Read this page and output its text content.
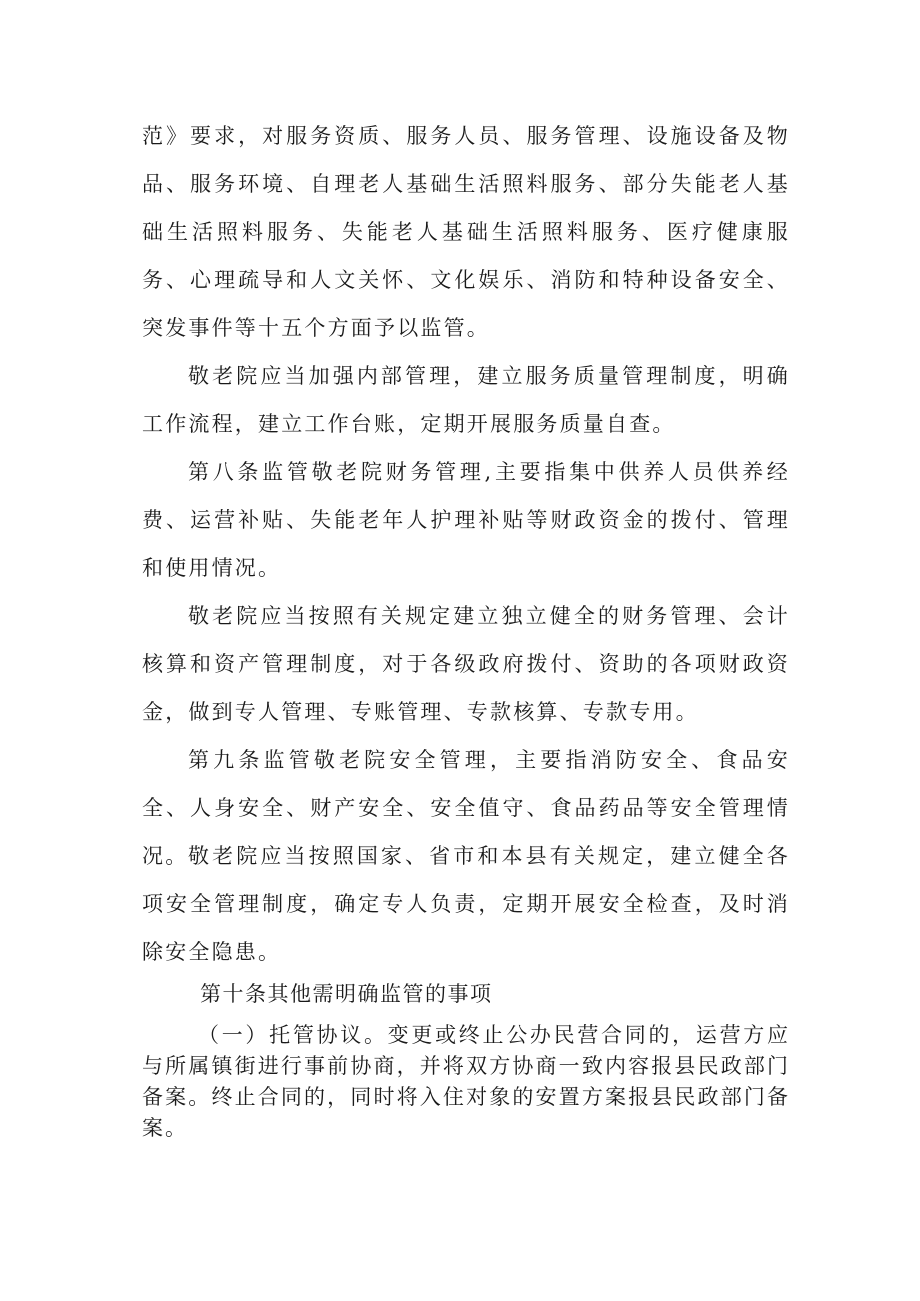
范》要求，对服务资质、服务人员、服务管理、设施设备及物品、服务环境、自理老人基础生活照料服务、部分失能老人基础生活照料服务、失能老人基础生活照料服务、医疗健康服务、心理疏导和人文关怀、文化娱乐、消防和特种设备安全、突发事件等十五个方面予以监管。

敬老院应当加强内部管理，建立服务质量管理制度，明确工作流程，建立工作台账，定期开展服务质量自查。

第八条监管敬老院财务管理,主要指集中供养人员供养经费、运营补贴、失能老年人护理补贴等财政资金的拨付、管理和使用情况。

敬老院应当按照有关规定建立独立健全的财务管理、会计核算和资产管理制度，对于各级政府拨付、资助的各项财政资金，做到专人管理、专账管理、专款核算、专款专用。

第九条监管敬老院安全管理，主要指消防安全、食品安全、人身安全、财产安全、安全值守、食品药品等安全管理情况。 敬老院应当按照国家、省市和本县有关规定，建立健全各项安全管理制度，确定专人负责，定期开展安全检查，及时消除安全隐患。

第十条其他需明确监管的事项

（一）托管协议。变更或终止公办民营合同的，运营方应与所属镇街进行事前协商，并将双方协商一致内容报县民政部门备案。终止合同的，同时将入住对象的安置方案报县民政部门备案。
